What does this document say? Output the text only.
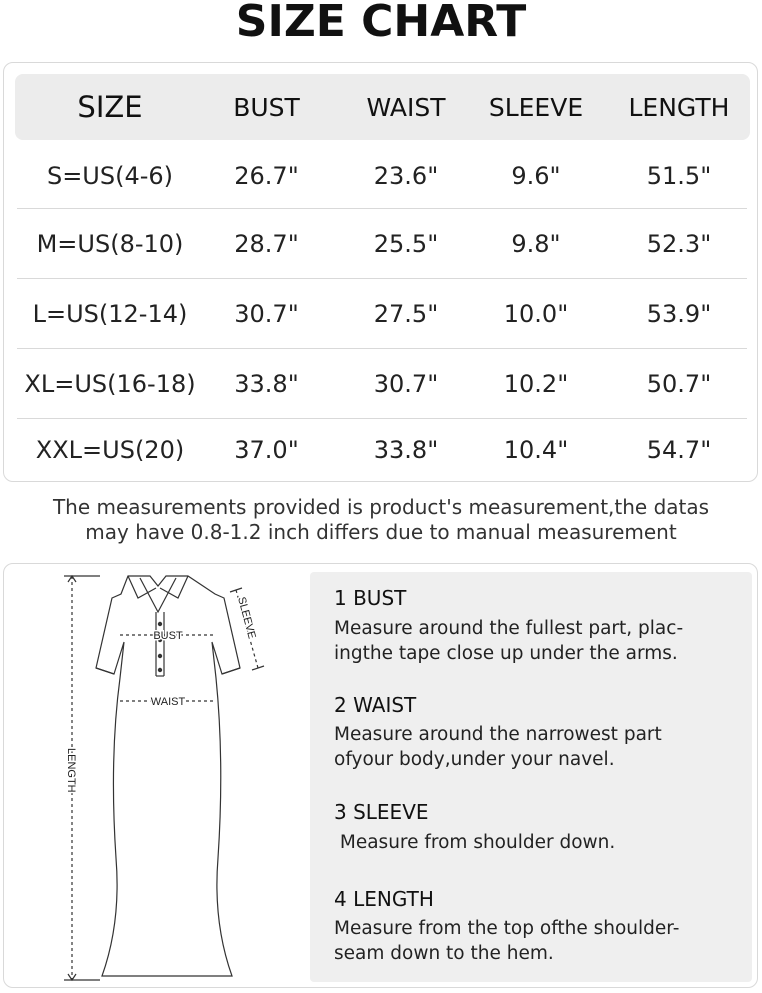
SIZE CHART
SIZE	BUST	WAIST	SLEEVE	LENGTH
S=US(4-6)	26.7"	23.6"	9.6"	51.5"
M=US(8-10)	28.7"	25.5"	9.8"	52.3"
L=US(12-14)	30.7"	27.5"	10.0"	53.9"
XL=US(16-18)	33.8"	30.7"	10.2"	50.7"
XXL=US(20)	37.0"	33.8"	10.4"	54.7"
The measurements provided is product's measurement,the datas
may have 0.8-1.2 inch differs due to manual measurement
BUST
WAIST
SLEEVE
LENGTH
1 BUST
Measure around the fullest part, plac-
ingthe tape close up under the arms.
2 WAIST
Measure around the narrowest part
ofyour body,under your navel.
3 SLEEVE
Measure from shoulder down.
4 LENGTH
Measure from the top ofthe shoulder-
seam down to the hem.
